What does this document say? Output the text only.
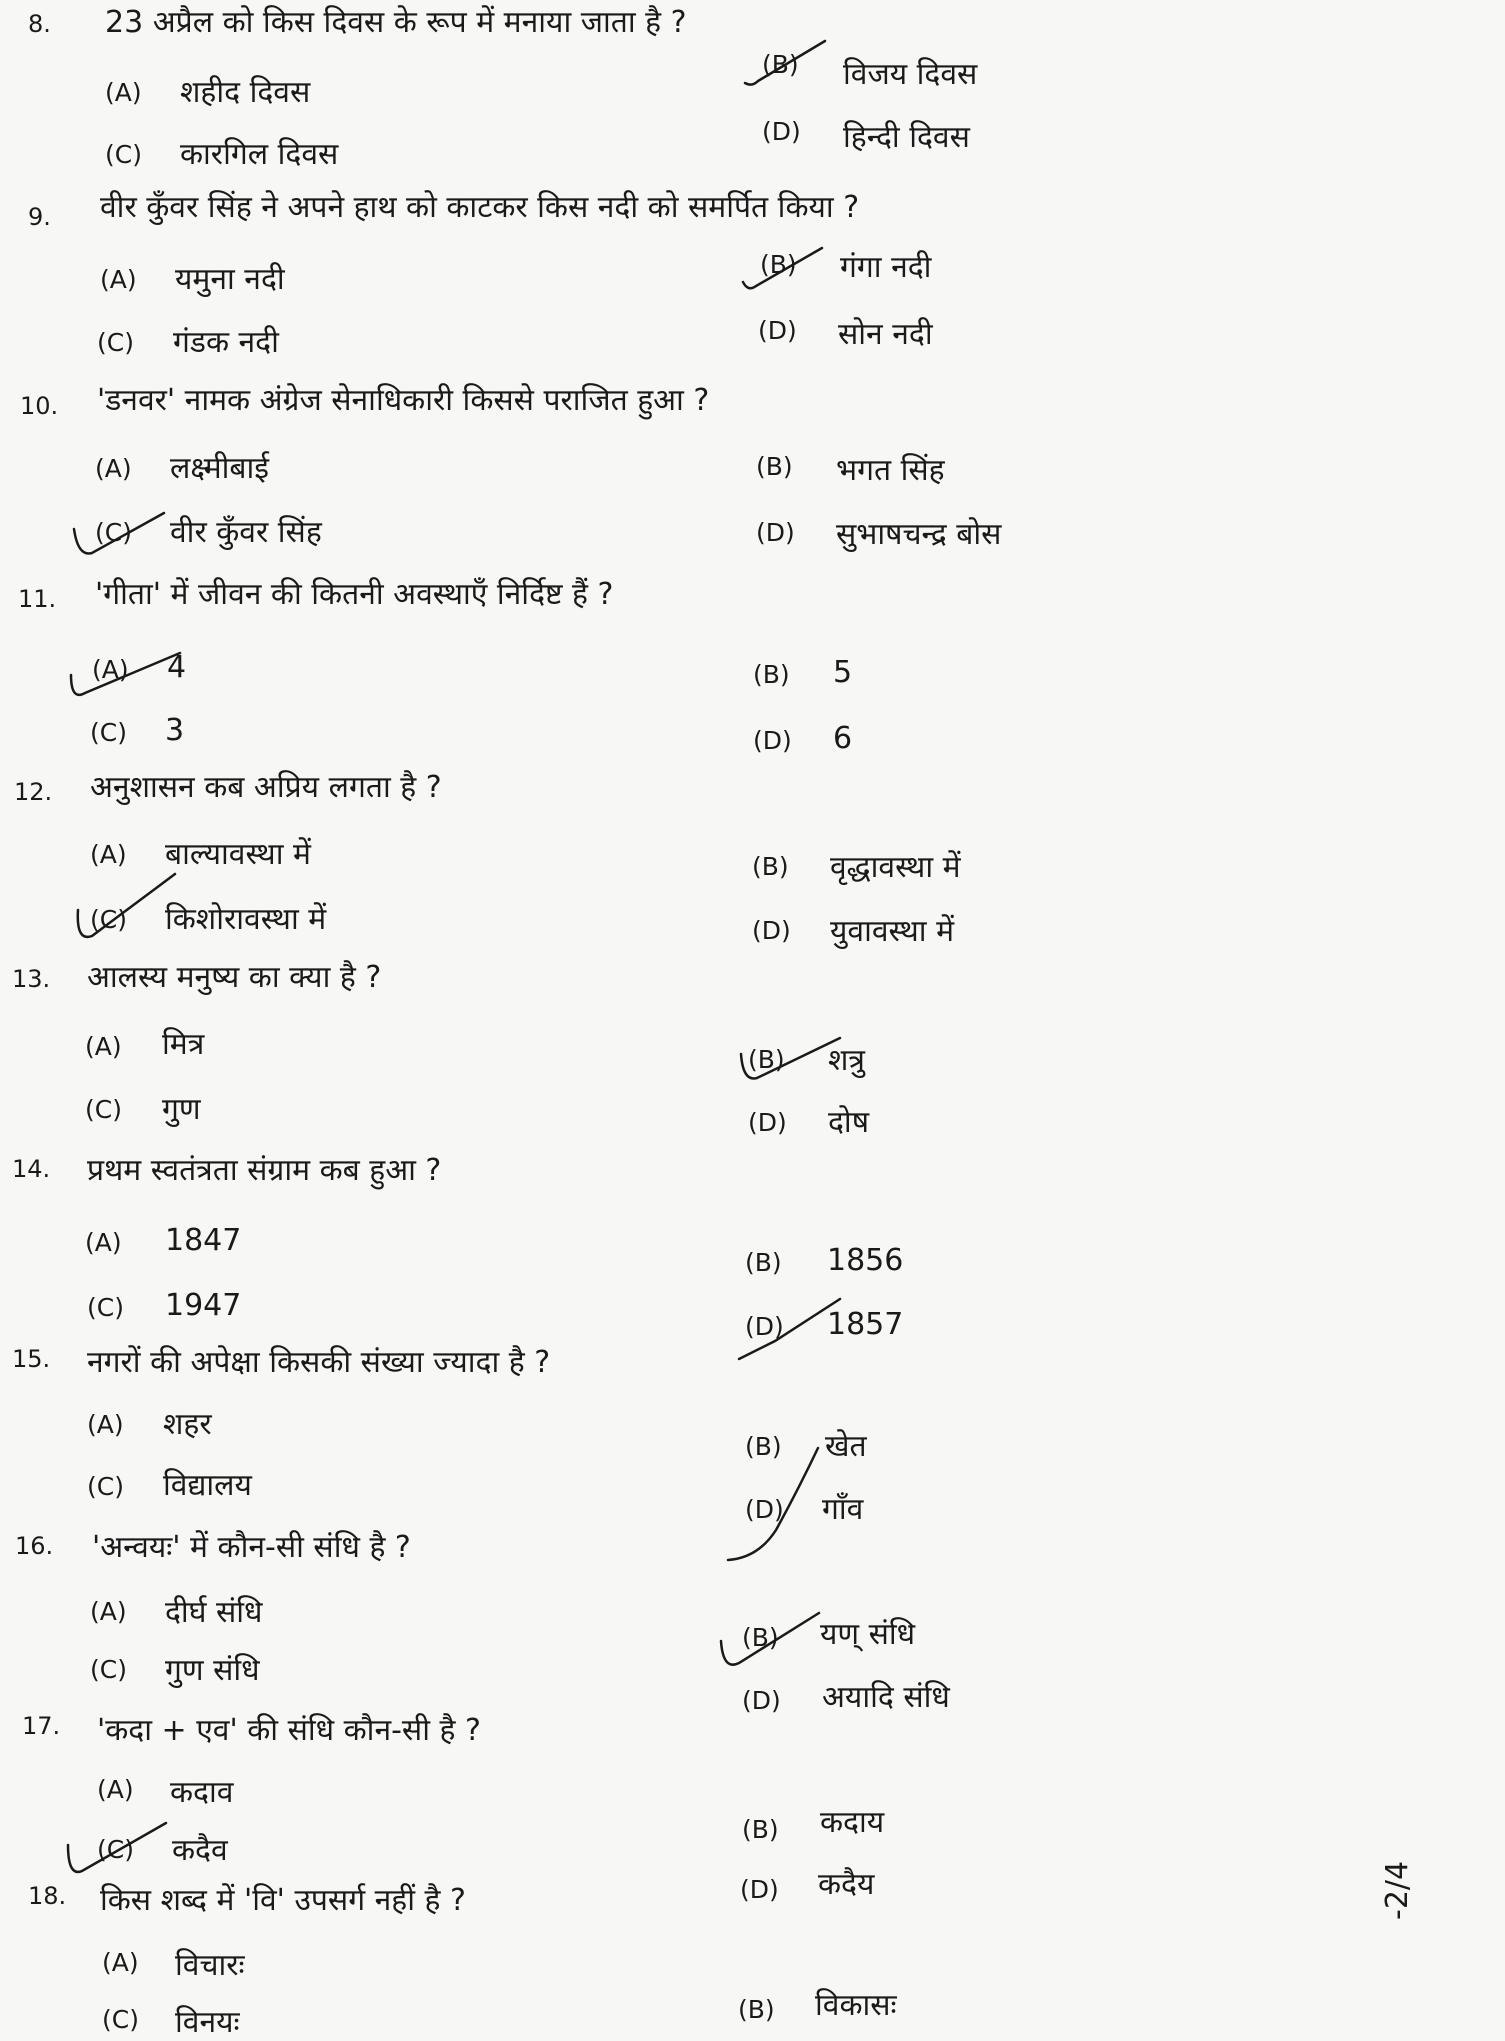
8. 23 अप्रैल को किस दिवस के रूप में मनाया जाता है ?
(A) शहीद दिवस
(B) विजय दिवस
(C) कारगिल दिवस
(D) हिन्दी दिवस
9. वीर कुँवर सिंह ने अपने हाथ को काटकर किस नदी को समर्पित किया ?
(A) यमुना नदी	(B) गंगा नदी
(C) गंडक नदी	(D) सोन नदी
10. 'डनवर' नामक अंग्रेज सेनाधिकारी किससे पराजित हुआ ?
(A) लक्ष्मीबाई	(B) भगत सिंह
(C) वीर कुँवर सिंह	(D) सुभाषचन्द्र बोस
11. 'गीता' में जीवन की कितनी अवस्थाएँ निर्दिष्ट हैं ?
(A) 4	(B) 5
(C) 3	(D) 6
12. अनुशासन कब अप्रिय लगता है ?
(A) बाल्यावस्था में	(B) वृद्धावस्था में
(C) किशोरावस्था में	(D) युवावस्था में
13. आलस्य मनुष्य का क्या है ?
(A) मित्र	(B) शत्रु
(C) गुण	(D) दोष
14. प्रथम स्वतंत्रता संग्राम कब हुआ ?
(A) 1847
(B) 1856
(C) 1947
(D) 1857
15. नगरों की अपेक्षा किसकी संख्या ज्यादा है ?
(A) शहर
(B) खेत
(C) विद्यालय
(D) गाँव
16. 'अन्वयः' में कौन-सी संधि है ?
(A) दीर्घ संधि
(B) यण् संधि
(C) गुण संधि
(D) अयादि संधि
17. 'कदा + एव' की संधि कौन-सी है ?
(A) कदाव
(B) कदाय
(C) कदैव
(D) कदैय
18. किस शब्द में 'वि' उपसर्ग नहीं है ?
(A) विचारः
(B) विकासः
(C) विनयः
-2/4
